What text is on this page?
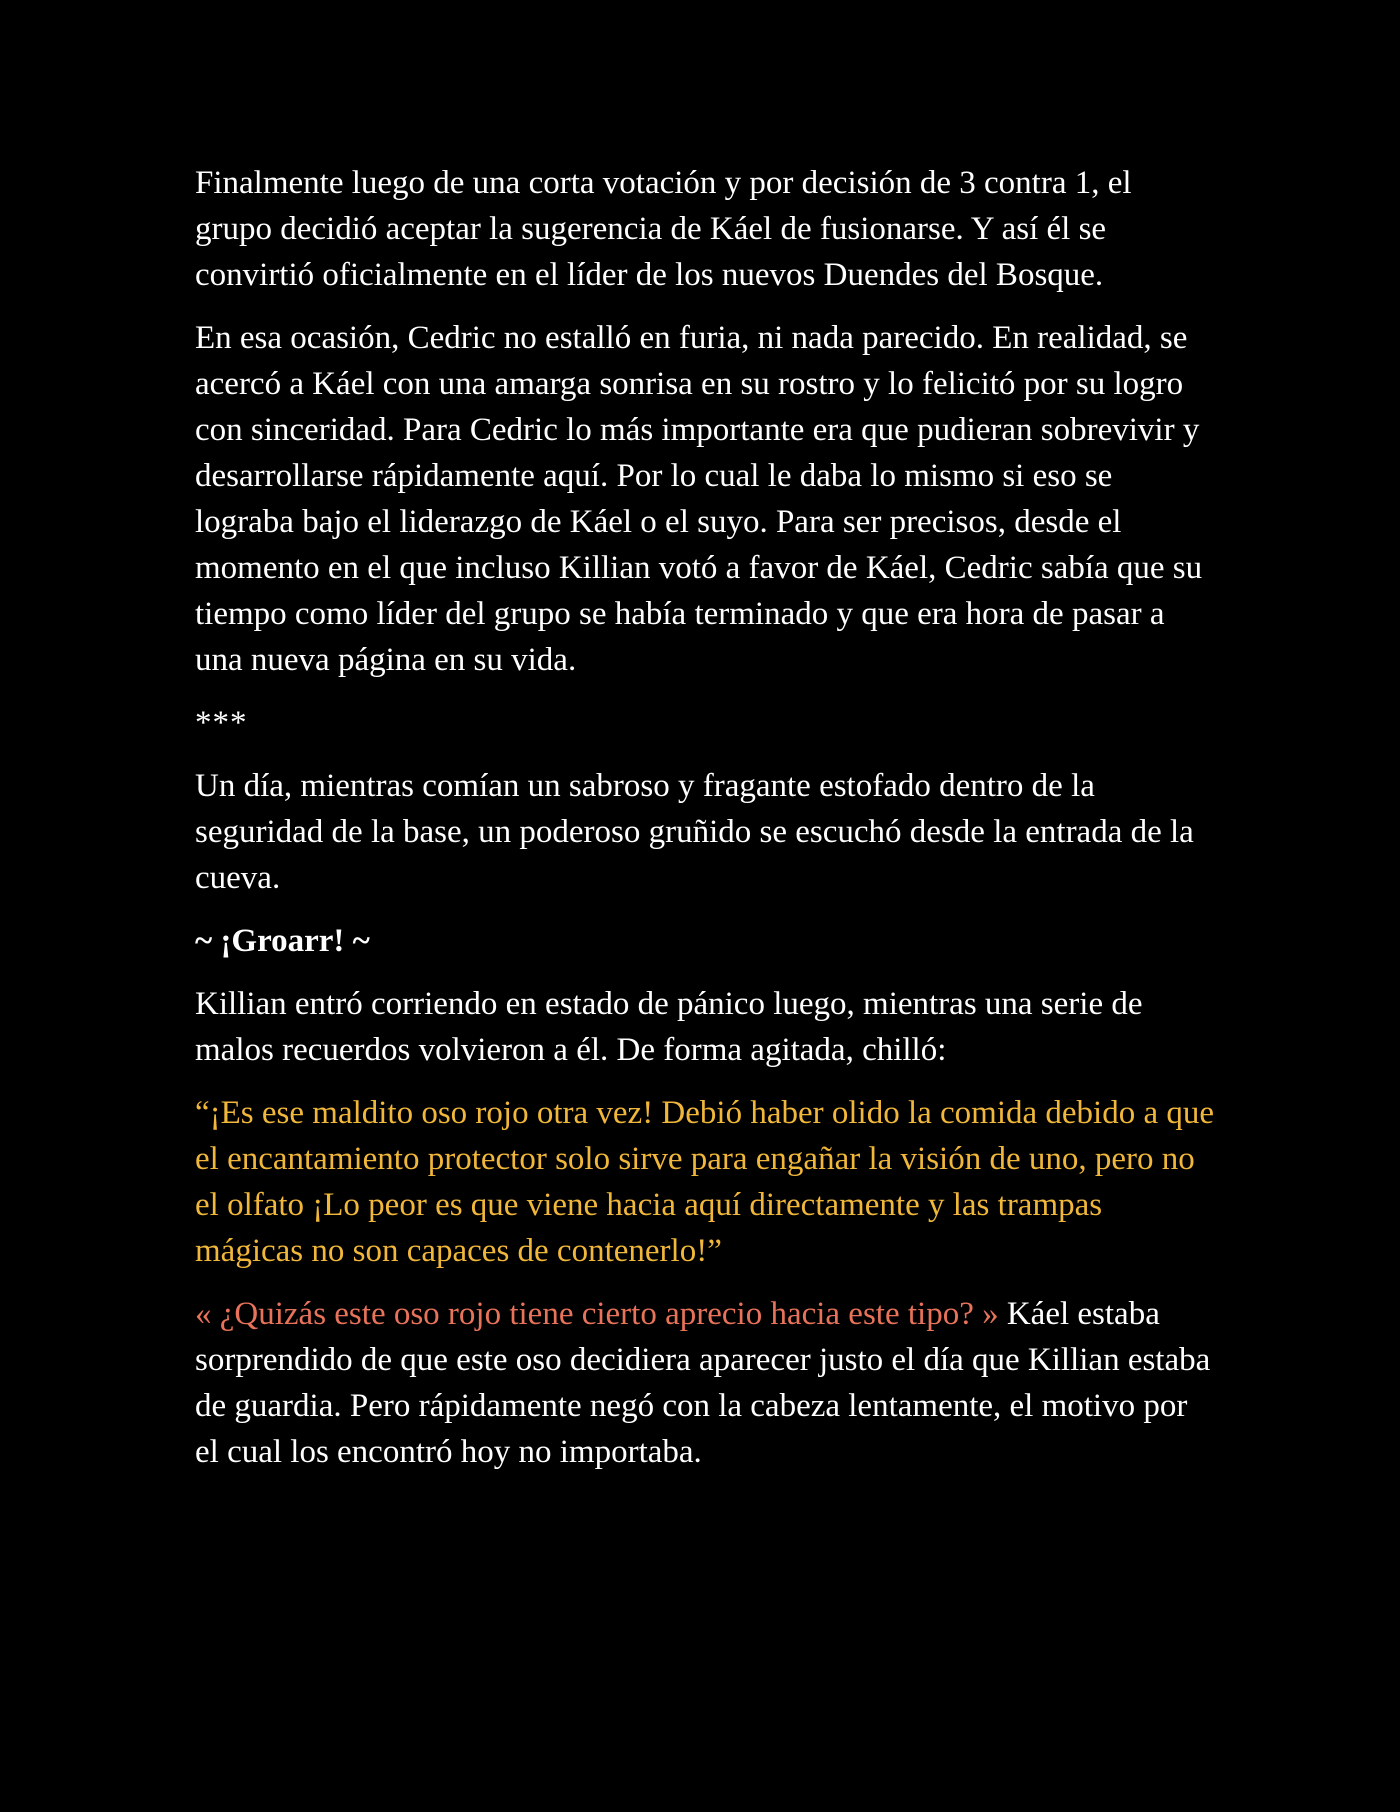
Finalmente luego de una corta votación y por decisión de 3 contra 1, el grupo decidió aceptar la sugerencia de Káel de fusionarse. Y así él se convirtió oficialmente en el líder de los nuevos Duendes del Bosque.

En esa ocasión, Cedric no estalló en furia, ni nada parecido. En realidad, se acercó a Káel con una amarga sonrisa en su rostro y lo felicitó por su logro con sinceridad. Para Cedric lo más importante era que pudieran sobrevivir y desarrollarse rápidamente aquí. Por lo cual le daba lo mismo si eso se lograba bajo el liderazgo de Káel o el suyo. Para ser precisos, desde el momento en el que incluso Killian votó a favor de Káel, Cedric sabía que su tiempo como líder del grupo se había terminado y que era hora de pasar a una nueva página en su vida.

***

Un día, mientras comían un sabroso y fragante estofado dentro de la seguridad de la base, un poderoso gruñido se escuchó desde la entrada de la cueva.

~ ¡Groarr! ~

Killian entró corriendo en estado de pánico luego, mientras una serie de malos recuerdos volvieron a él. De forma agitada, chilló:

“¡Es ese maldito oso rojo otra vez! Debió haber olido la comida debido a que el encantamiento protector solo sirve para engañar la visión de uno, pero no el olfato ¡Lo peor es que viene hacia aquí directamente y las trampas mágicas no son capaces de contenerlo!”

« ¿Quizás este oso rojo tiene cierto aprecio hacia este tipo? » Káel estaba sorprendido de que este oso decidiera aparecer justo el día que Killian estaba de guardia. Pero rápidamente negó con la cabeza lentamente, el motivo por el cual los encontró hoy no importaba.
